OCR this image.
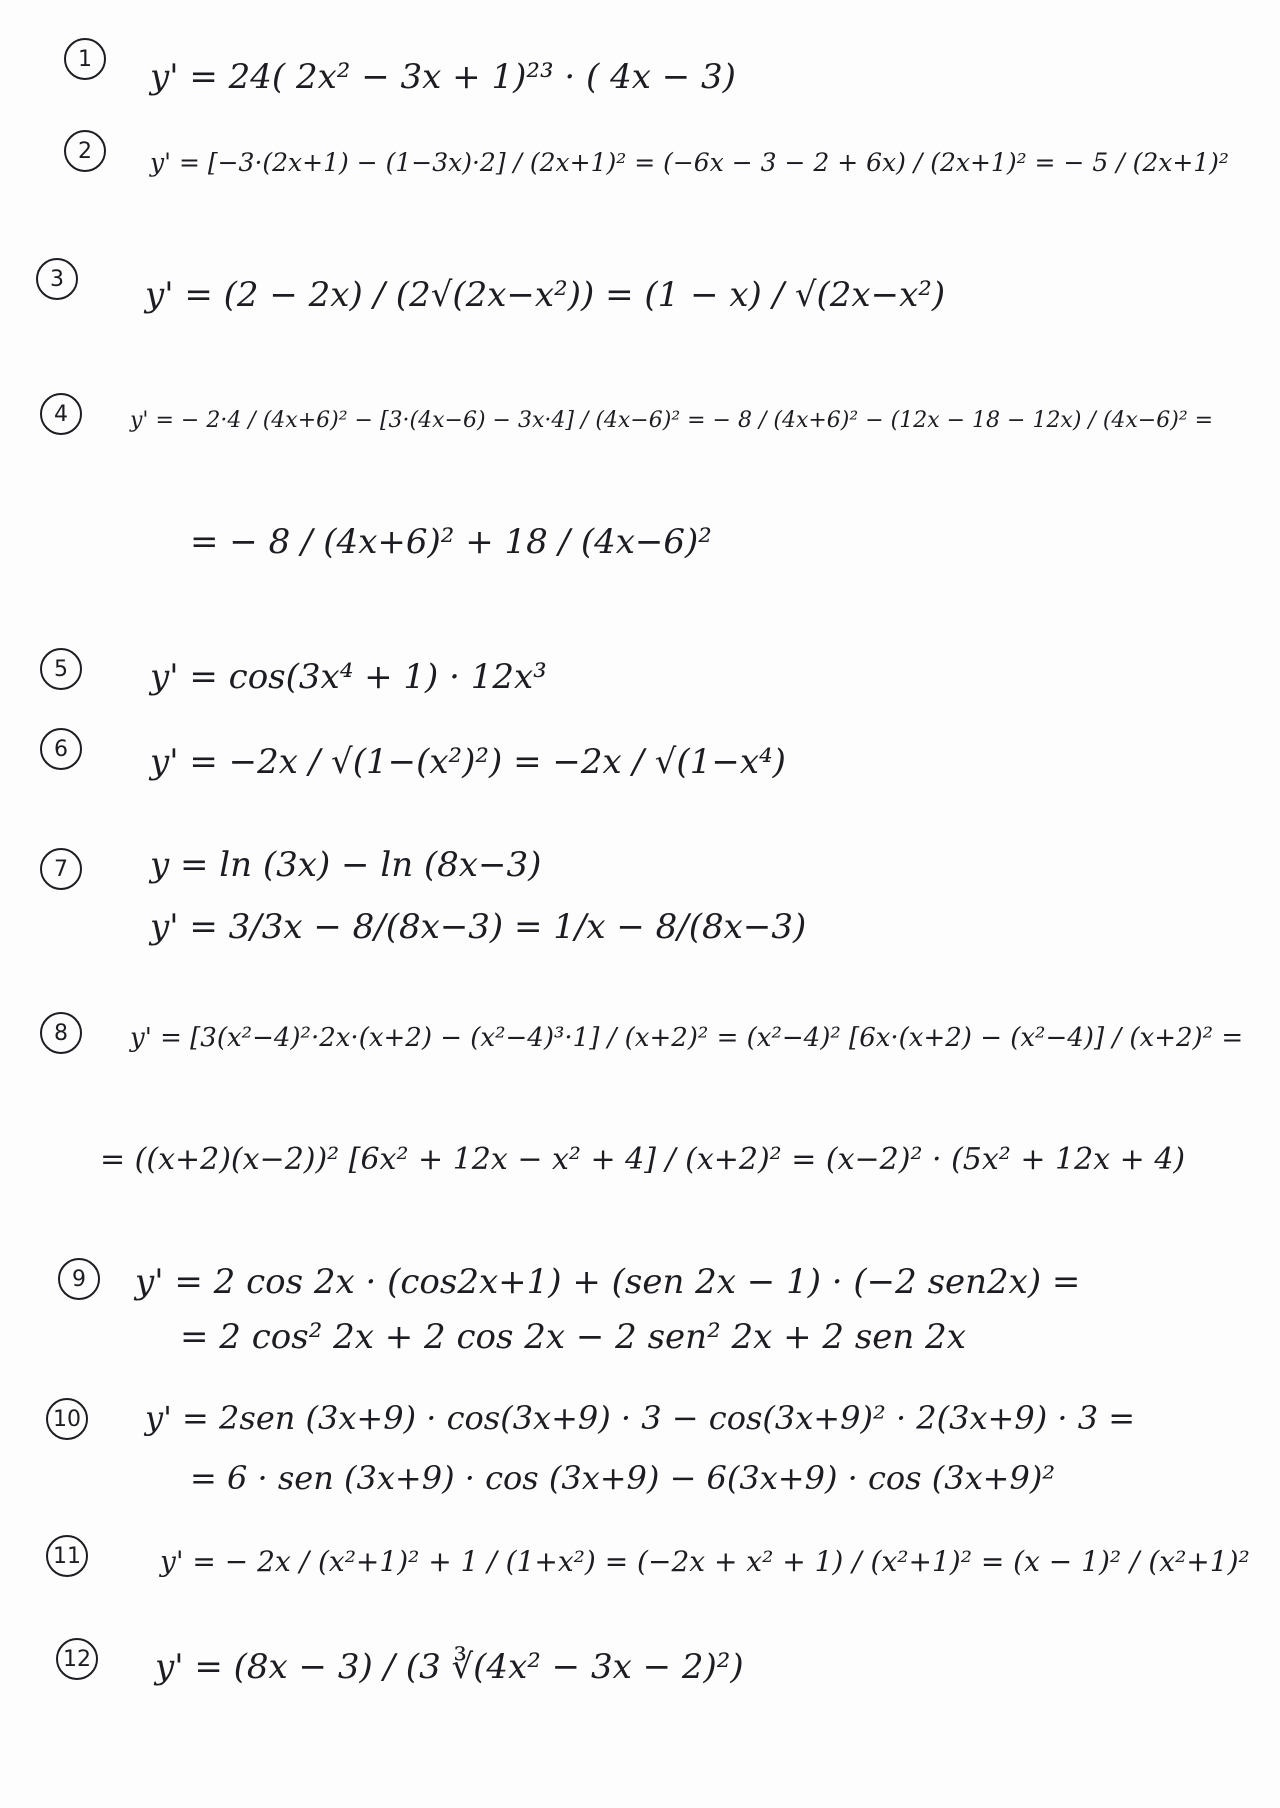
1	y' = 24( 2x² − 3x + 1)²³ · ( 4x − 3)
2	y' = [−3·(2x+1) − (1−3x)·2] / (2x+1)² = (−6x − 3 − 2 + 6x) / (2x+1)² = − 5 / (2x+1)²
3	y' = (2 − 2x) / (2√(2x−x²)) = (1 − x) / √(2x−x²)
4	y' = − 2·4 / (4x+6)² − [3·(4x−6) − 3x·4] / (4x−6)² = − 8 / (4x+6)² − (12x − 18 − 12x) / (4x−6)² =
= − 8 / (4x+6)² + 18 / (4x−6)²
5	y' = cos(3x⁴ + 1) · 12x³
6	y' = −2x / √(1−(x²)²) = −2x / √(1−x⁴)
7	y = ln (3x) − ln (8x−3)
y' = 3/3x − 8/(8x−3) = 1/x − 8/(8x−3)
8	y' = [3(x²−4)²·2x·(x+2) − (x²−4)³·1] / (x+2)² = (x²−4)² [6x·(x+2) − (x²−4)] / (x+2)² =
= ((x+2)(x−2))² [6x² + 12x − x² + 4] / (x+2)² = (x−2)² · (5x² + 12x + 4)
9	y' = 2 cos 2x · (cos2x+1) + (sen 2x − 1) · (−2 sen2x) =
= 2 cos² 2x + 2 cos 2x − 2 sen² 2x + 2 sen 2x
10 y' = 2sen (3x+9) · cos(3x+9) · 3 − cos(3x+9)² · 2(3x+9) · 3 =
= 6 · sen (3x+9) · cos (3x+9) − 6(3x+9) · cos (3x+9)²
11	y' = − 2x / (x²+1)² + 1 / (1+x²) = (−2x + x² + 1) / (x²+1)² = (x − 1)² / (x²+1)²
12 y' = (8x − 3) / (3 ∛(4x² − 3x − 2)²)
